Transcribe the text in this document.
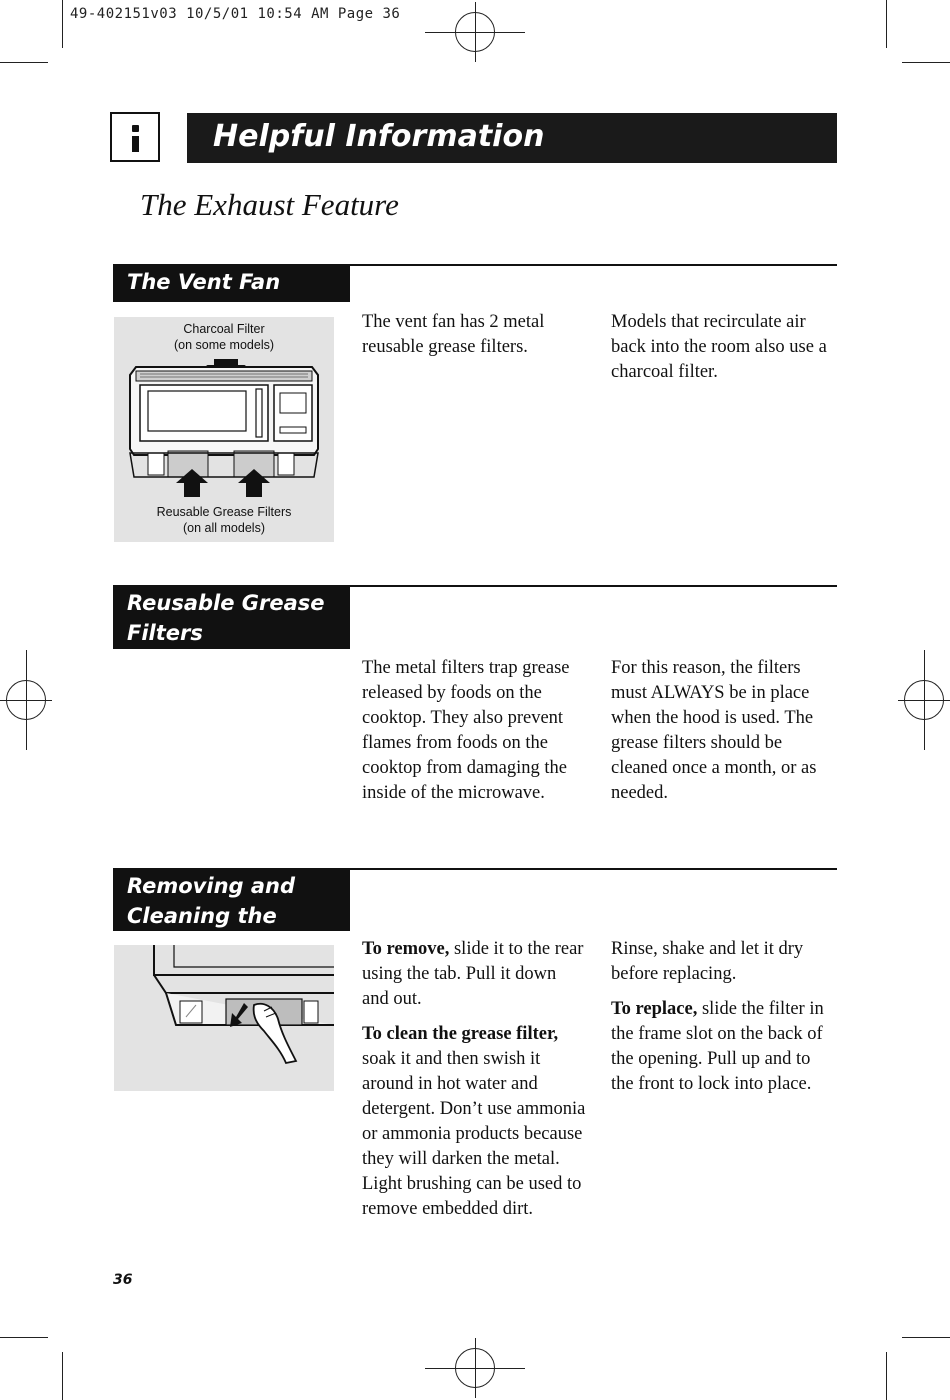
49-402151v03 10/5/01 10:54 AM Page 36
Helpful Information
The Exhaust Feature
The Vent Fan
Charcoal Filter
(on some models)
Reusable Grease Filters
(on all models)

The vent fan has 2 metal reusable grease filters.

Models that recirculate air back into the room also use a charcoal filter.

Reusable Grease
Filters

The metal filters trap grease released by foods on the cooktop. They also prevent flames from foods on the cooktop from damaging the inside of the microwave.

For this reason, the filters must ALWAYS be in place when the hood is used. The grease filters should be cleaned once a month, or as needed.

Removing and
Cleaning the

To remove, slide it to the rear using the tab. Pull it down and out.

To clean the grease filter, soak it and then swish it around in hot water and detergent. Don’t use ammonia or ammonia products because they will darken the metal. Light brushing can be used to remove embedded dirt.

Rinse, shake and let it dry before replacing.

To replace, slide the filter in the frame slot on the back of the opening. Pull up and to the front to lock into place.

36
